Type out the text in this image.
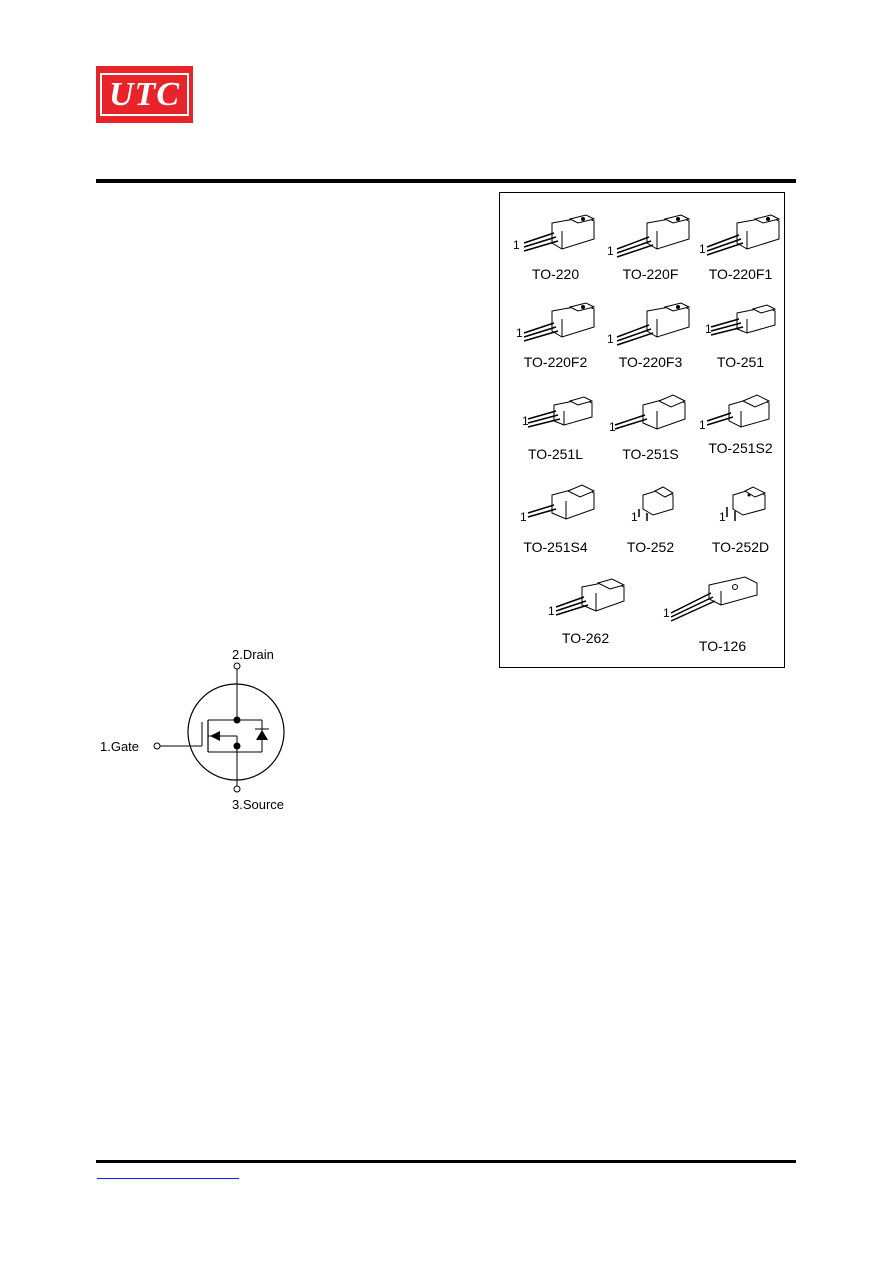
UTC
1
TO-220
1
TO-220F
1
TO-220F1
1
TO-220F2
1
TO-220F3
1
TO-251
1
TO-251L
1
TO-251S
1
TO-251S2
1
TO-251S4
1
TO-252
1
TO-252D
1
TO-262
1
TO-126
2.Drain
1.Gate
3.Source
